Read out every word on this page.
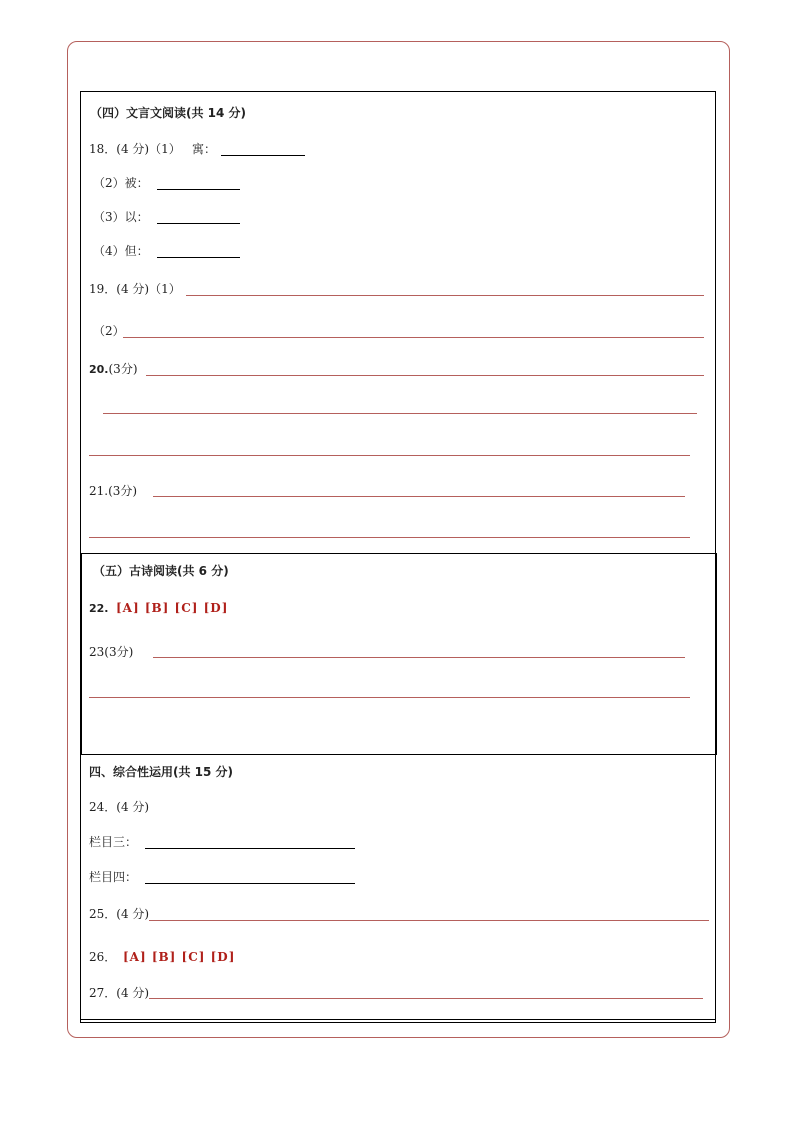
（四）文言文阅读(共 14 分)
18．(4 分)（1） 寓：
（2）被：
（3）以：
（4）但：
19．(4 分)（1）
（2）
20.(3分)
21.(3分)
（五）古诗阅读(共 6 分)
22. [A] [B] [C] [D]
23(3分)
四、综合性运用(共 15 分)
24．(4 分)
栏目三：
栏目四：
25．(4 分)
26． [A] [B] [C] [D]
27．(4 分)
